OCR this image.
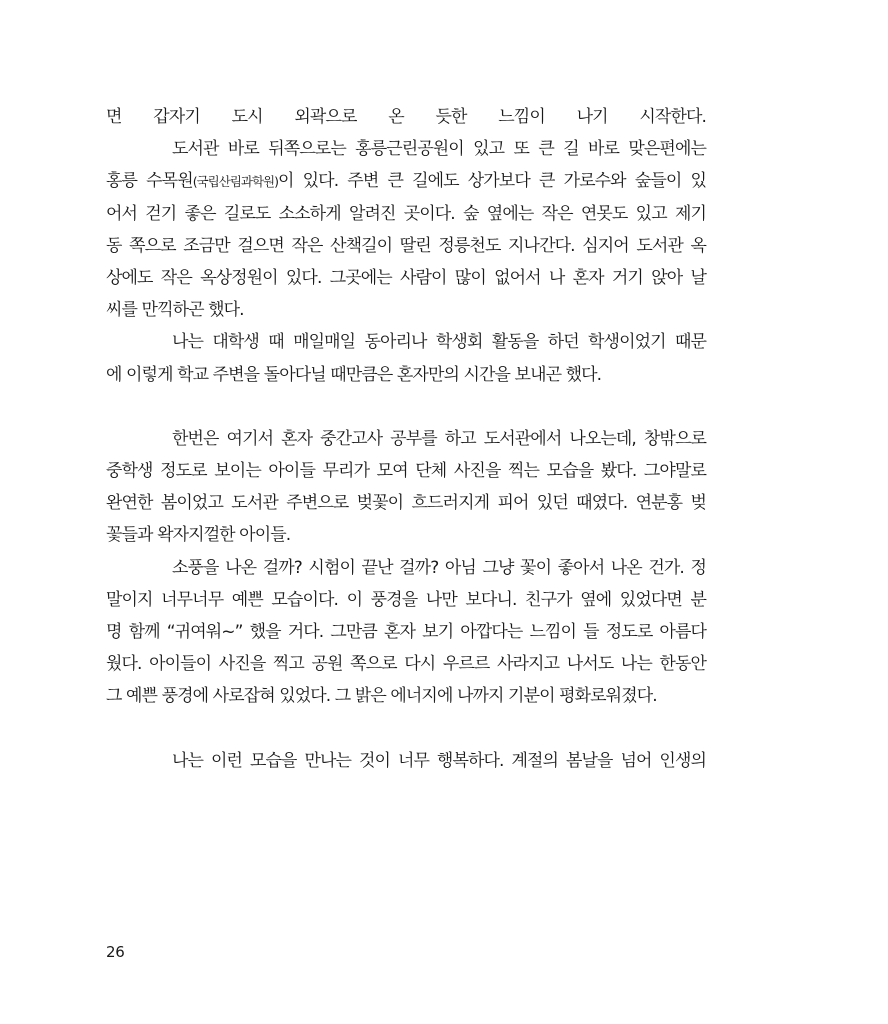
면 갑자기 도시 외곽으로 온 듯한 느낌이 나기 시작한다.
도서관 바로 뒤쪽으로는 홍릉근린공원이 있고 또 큰 길 바로 맞은편에는
홍릉 수목원(국립산림과학원)이 있다. 주변 큰 길에도 상가보다 큰 가로수와 숲들이 있
어서 걷기 좋은 길로도 소소하게 알려진 곳이다. 숲 옆에는 작은 연못도 있고 제기
동 쪽으로 조금만 걸으면 작은 산책길이 딸린 정릉천도 지나간다. 심지어 도서관 옥
상에도 작은 옥상정원이 있다. 그곳에는 사람이 많이 없어서 나 혼자 거기 앉아 날
씨를 만끽하곤 했다.
나는 대학생 때 매일매일 동아리나 학생회 활동을 하던 학생이었기 때문
에 이렇게 학교 주변을 돌아다닐 때만큼은 혼자만의 시간을 보내곤 했다.
한번은 여기서 혼자 중간고사 공부를 하고 도서관에서 나오는데, 창밖으로
중학생 정도로 보이는 아이들 무리가 모여 단체 사진을 찍는 모습을 봤다. 그야말로
완연한 봄이었고 도서관 주변으로 벚꽃이 흐드러지게 피어 있던 때였다. 연분홍 벚
꽃들과 왁자지껄한 아이들.
소풍을 나온 걸까? 시험이 끝난 걸까? 아님 그냥 꽃이 좋아서 나온 건가. 정
말이지 너무너무 예쁜 모습이다. 이 풍경을 나만 보다니. 친구가 옆에 있었다면 분
명 함께 “귀여워~” 했을 거다. 그만큼 혼자 보기 아깝다는 느낌이 들 정도로 아름다
웠다. 아이들이 사진을 찍고 공원 쪽으로 다시 우르르 사라지고 나서도 나는 한동안
그 예쁜 풍경에 사로잡혀 있었다. 그 밝은 에너지에 나까지 기분이 평화로워졌다.
나는 이런 모습을 만나는 것이 너무 행복하다. 계절의 봄날을 넘어 인생의
26
